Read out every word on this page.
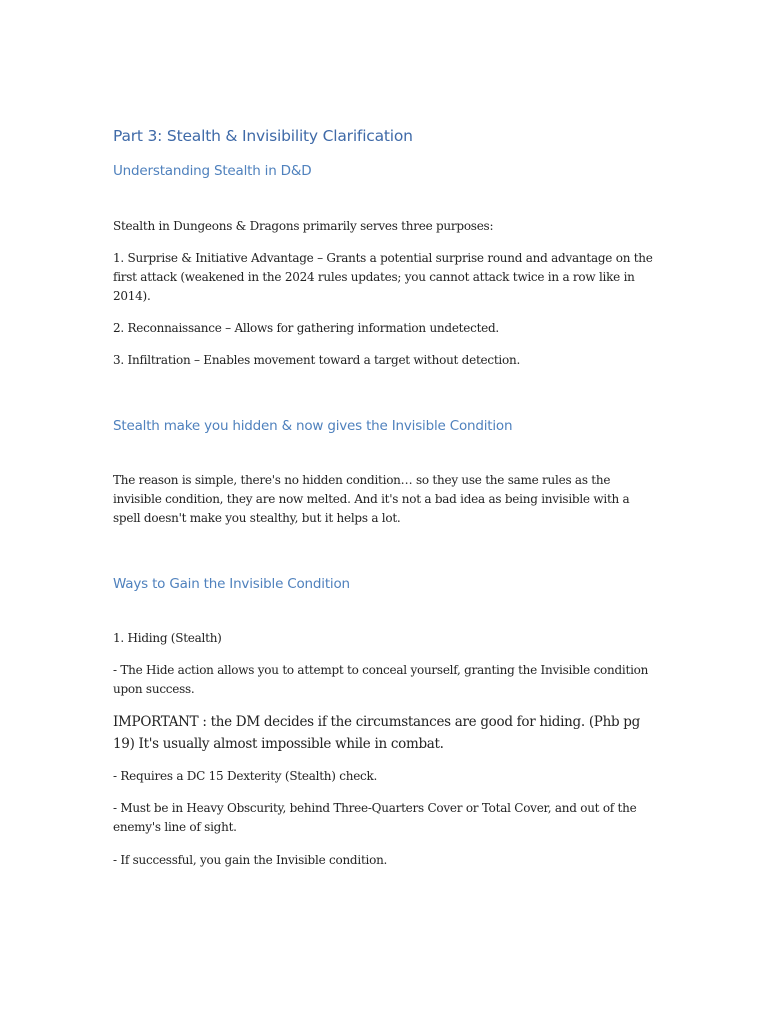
Part 3: Stealth & Invisibility Clarification
Understanding Stealth in D&D

Stealth in Dungeons & Dragons primarily serves three purposes:

1. Surprise & Initiative Advantage – Grants a potential surprise round and advantage on the first attack (weakened in the 2024 rules updates; you cannot attack twice in a row like in 2014).

2. Reconnaissance – Allows for gathering information undetected.

3. Infiltration – Enables movement toward a target without detection.

Stealth make you hidden & now gives the Invisible Condition

The reason is simple, there's no hidden condition… so they use the same rules as the invisible condition, they are now melted. And it's not a bad idea as being invisible with a spell doesn't make you stealthy, but it helps a lot.

Ways to Gain the Invisible Condition

1. Hiding (Stealth)

- The Hide action allows you to attempt to conceal yourself, granting the Invisible condition upon success.

IMPORTANT : the DM decides if the circumstances are good for hiding. (Phb pg 19) It's usually almost impossible while in combat.

- Requires a DC 15 Dexterity (Stealth) check.

- Must be in Heavy Obscurity, behind Three-Quarters Cover or Total Cover, and out of the enemy's line of sight.

- If successful, you gain the Invisible condition.
